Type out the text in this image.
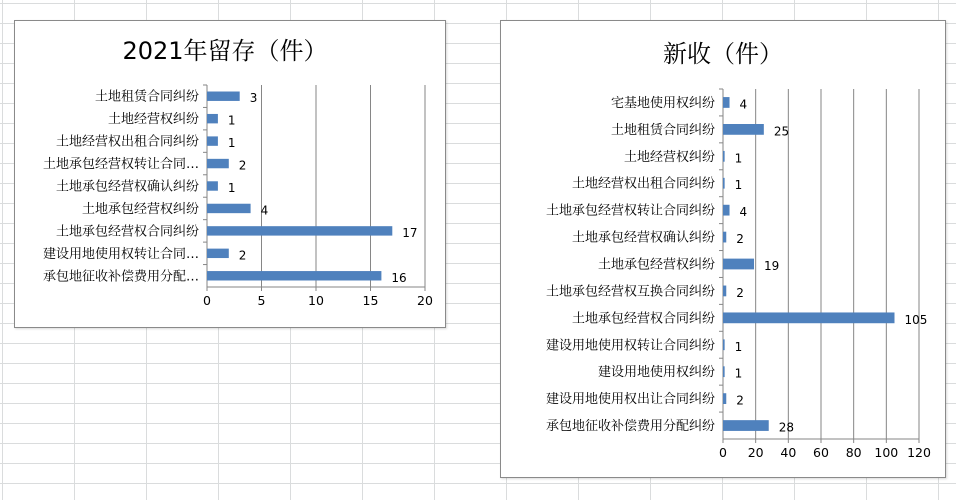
2021年留存（件）
0	5	10	15	20
土地租赁合同纠纷	3
土地经营权纠纷 1
土地经营权出租合同纠纷 1
土地承包经营权转让合同…	2
土地承包经营权确认纠纷 1
土地承包经营权纠纷	4
土地承包经营权合同纠纷	17
建设用地使用权转让合同…	2
承包地征收补偿费用分配…	16
新收（件）
0 20 40 60 80 100 120
宅基地使用权纠纷 4
土地租赁合同纠纷	25
土地经营权纠纷 1
土地经营权出租合同纠纷 1
土地承包经营权转让合同纠纷 4
土地承包经营权确认纠纷 2
土地承包经营权纠纷	19
土地承包经营权互换合同纠纷 2
土地承包经营权合同纠纷	105
建设用地使用权转让合同纠纷 1
建设用地使用权纠纷 1
建设用地使用权出让合同纠纷 2
承包地征收补偿费用分配纠纷	28
